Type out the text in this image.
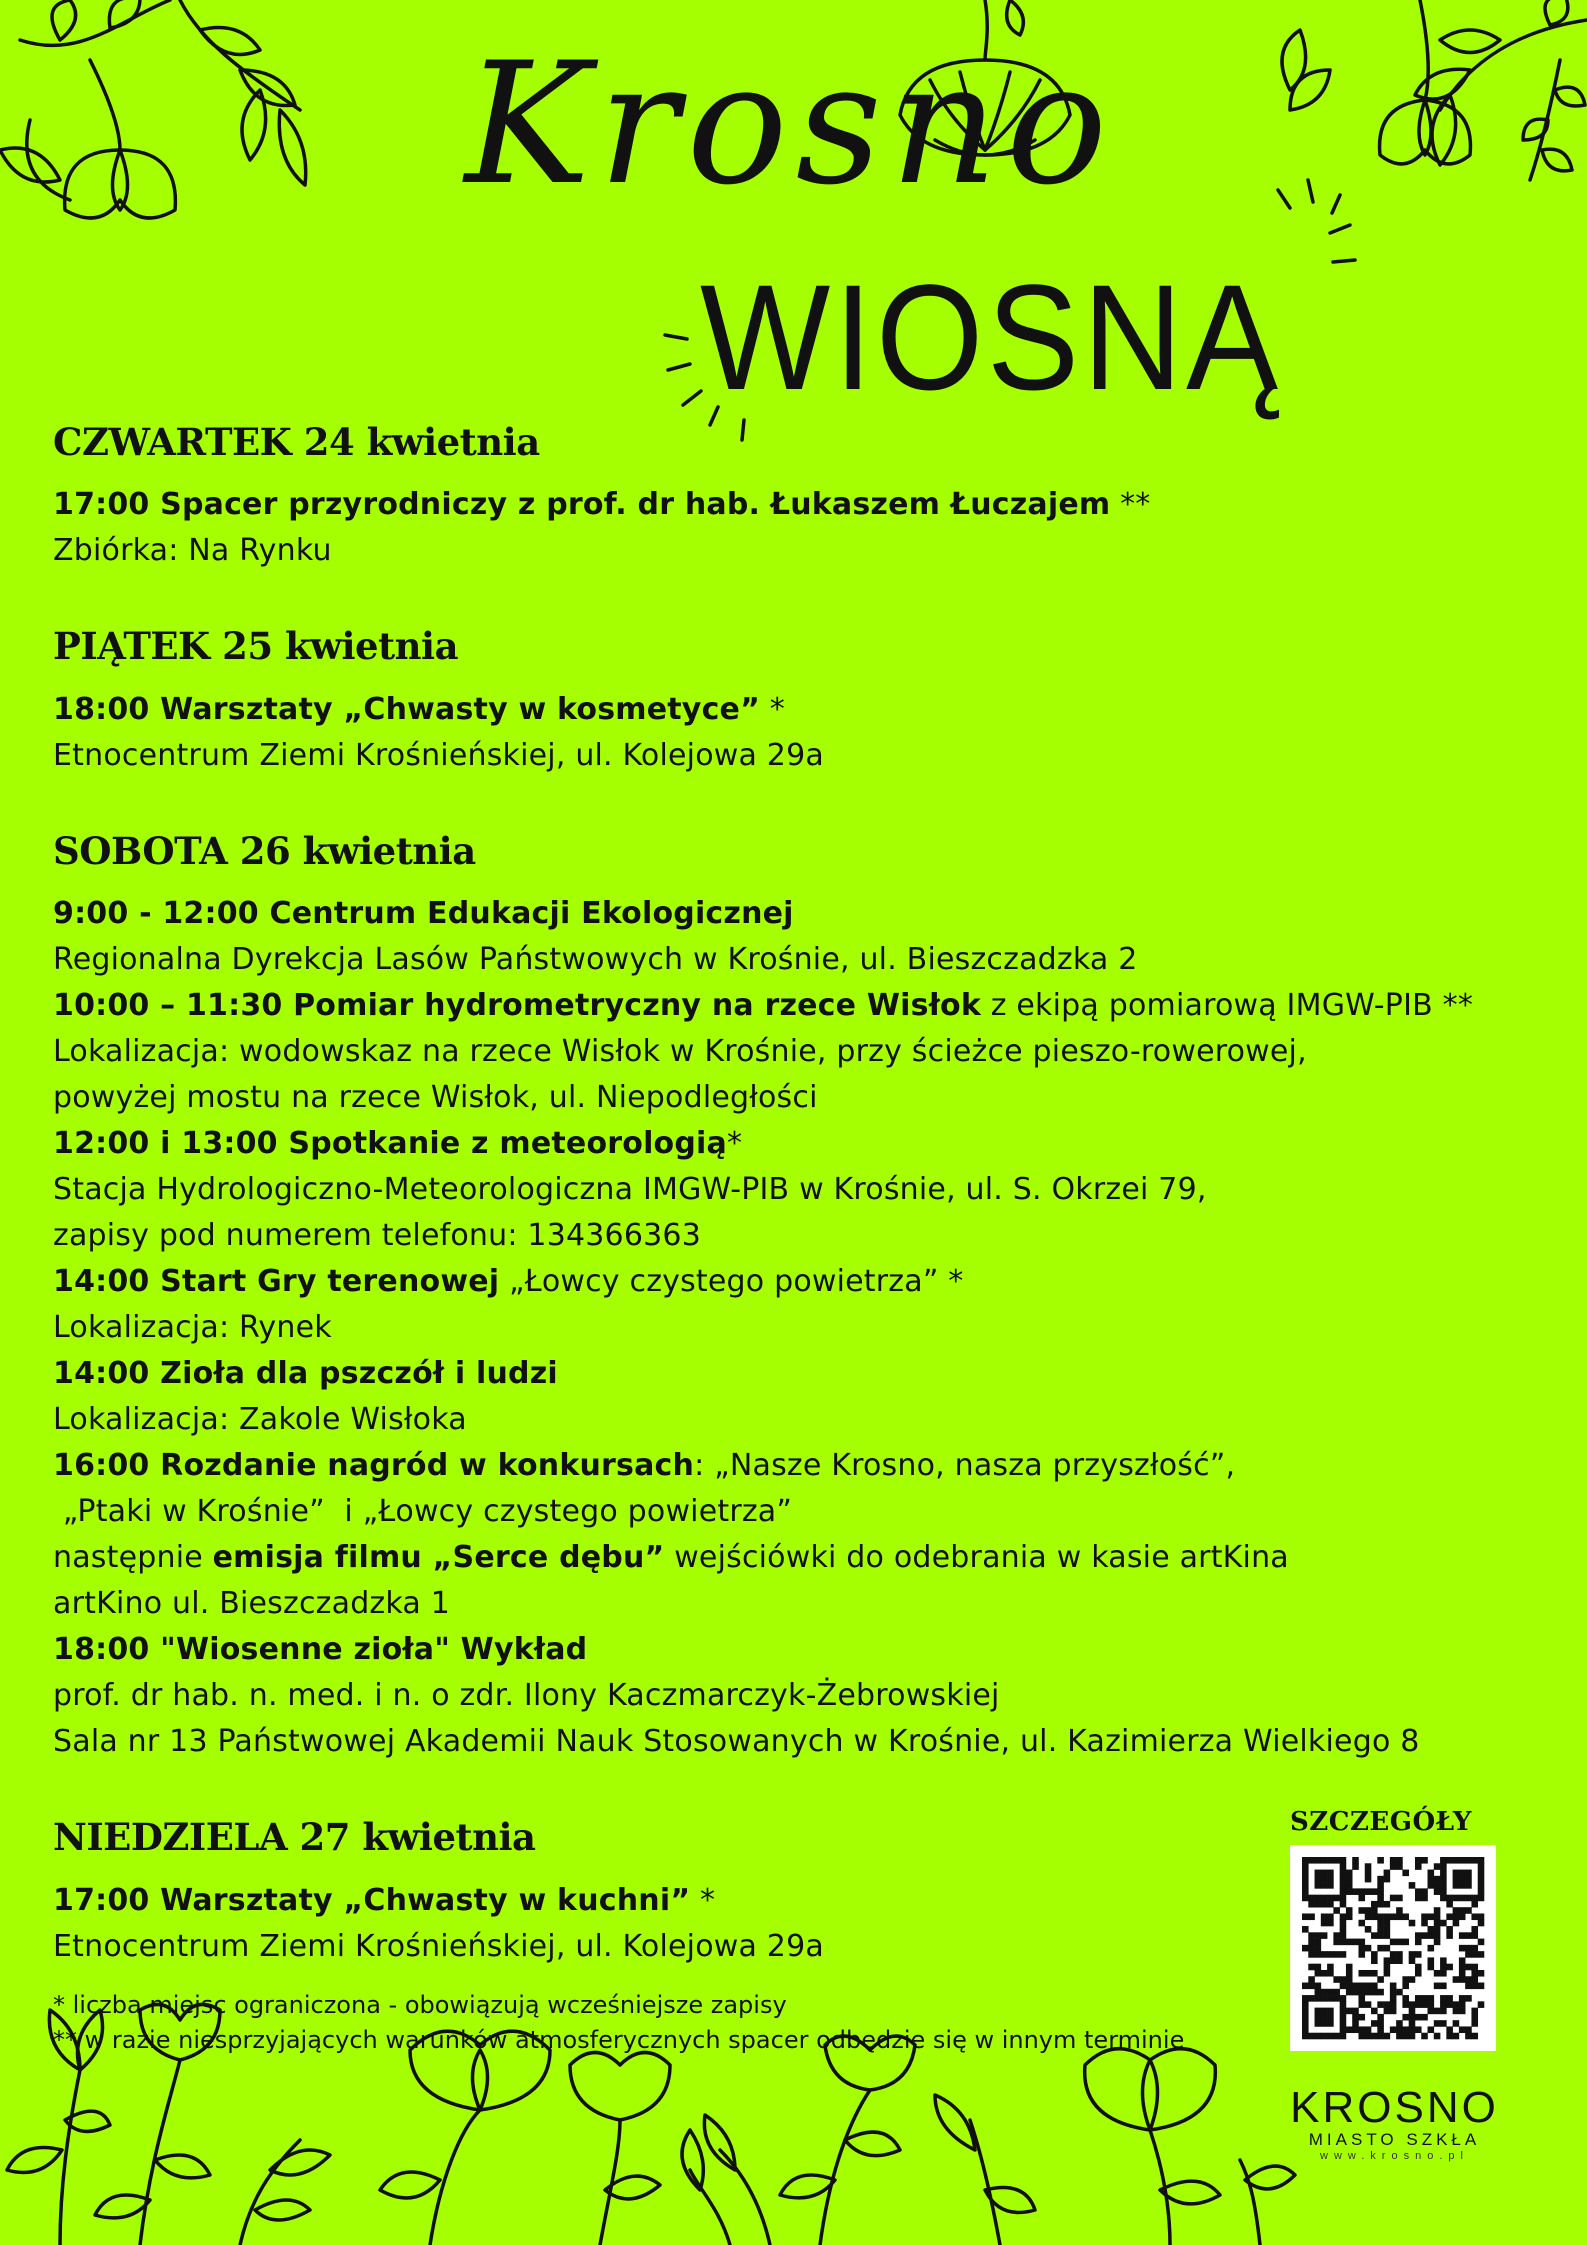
Krosno
WIOSNĄ
CZWARTEK 24 kwietnia
17:00 Spacer przyrodniczy z prof. dr hab. Łukaszem Łuczajem **
Zbiórka: Na Rynku
PIĄTEK 25 kwietnia
18:00 Warsztaty „Chwasty w kosmetyce” *
Etnocentrum Ziemi Krośnieńskiej, ul. Kolejowa 29a
SOBOTA 26 kwietnia
9:00 - 12:00 Centrum Edukacji Ekologicznej
Regionalna Dyrekcja Lasów Państwowych w Krośnie, ul. Bieszczadzka 2
10:00 – 11:30 Pomiar hydrometryczny na rzece Wisłok z ekipą pomiarową IMGW-PIB **
Lokalizacja: wodowskaz na rzece Wisłok w Krośnie, przy ścieżce pieszo-rowerowej,
powyżej mostu na rzece Wisłok, ul. Niepodległości
12:00 i 13:00 Spotkanie z meteorologią*
Stacja Hydrologiczno-Meteorologiczna IMGW-PIB w Krośnie, ul. S. Okrzei 79,
zapisy pod numerem telefonu: 134366363
14:00 Start Gry terenowej „Łowcy czystego powietrza” *
Lokalizacja: Rynek
14:00 Zioła dla pszczół i ludzi
Lokalizacja: Zakole Wisłoka
16:00 Rozdanie nagród w konkursach: „Nasze Krosno, nasza przyszłość”,
„Ptaki w Krośnie”  i „Łowcy czystego powietrza”
następnie emisja filmu „Serce dębu” wejściówki do odebrania w kasie artKina
artKino ul. Bieszczadzka 1
18:00 "Wiosenne zioła" Wykład
prof. dr hab. n. med. i n. o zdr. Ilony Kaczmarczyk-Żebrowskiej
Sala nr 13 Państwowej Akademii Nauk Stosowanych w Krośnie, ul. Kazimierza Wielkiego 8
NIEDZIELA 27 kwietnia
17:00 Warsztaty „Chwasty w kuchni” *
Etnocentrum Ziemi Krośnieńskiej, ul. Kolejowa 29a
* liczba miejsc ograniczona - obowiązują wcześniejsze zapisy
** w razie niesprzyjających warunków atmosferycznych spacer odbędzie się w innym terminie
SZCZEGÓŁY
KROSNO
MIASTO SZKŁA
www.krosno.pl
